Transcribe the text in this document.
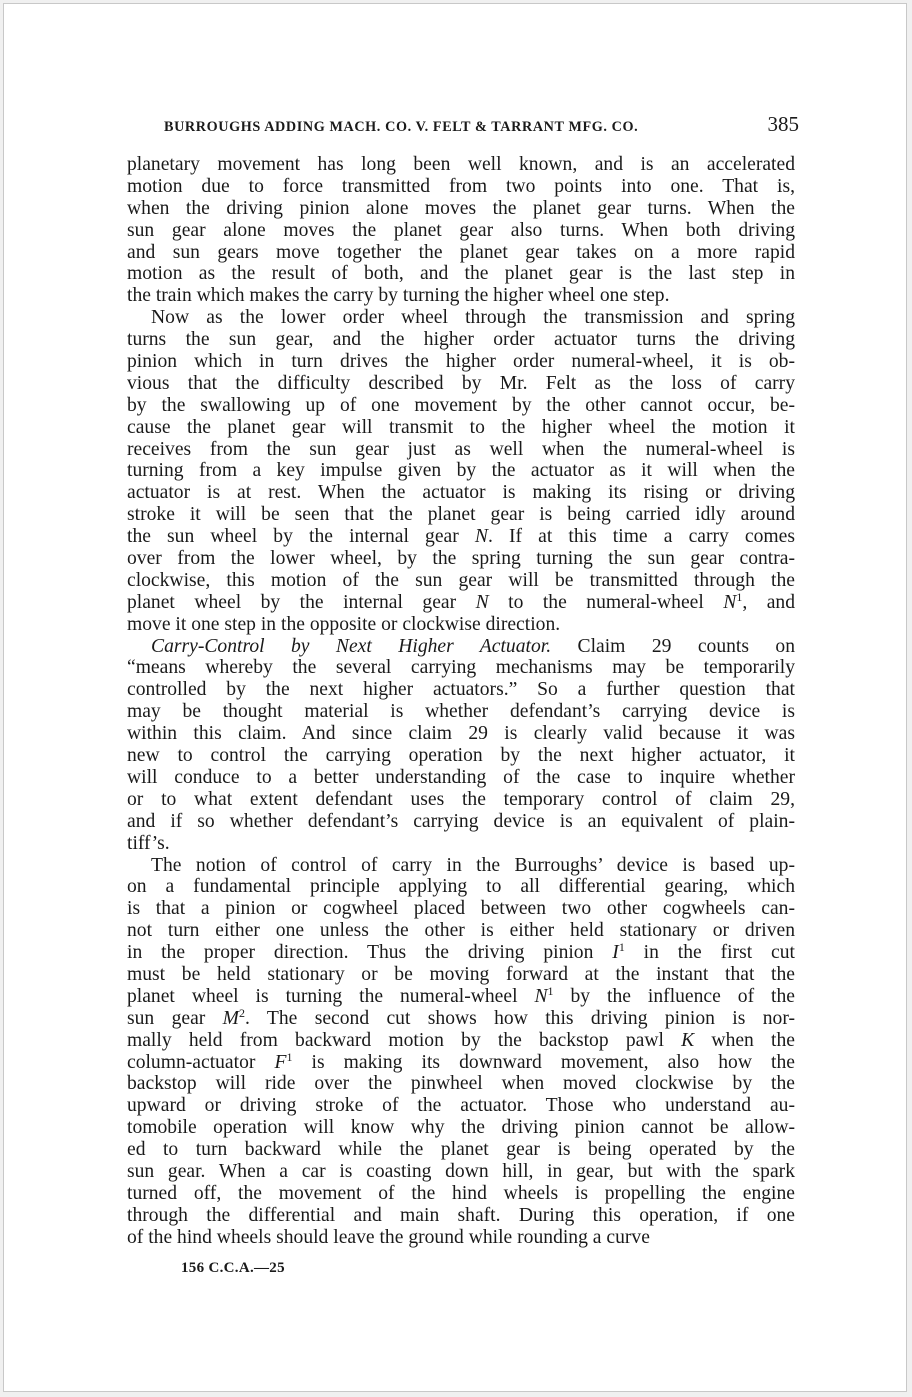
BURROUGHS ADDING MACH. CO. V. FELT & TARRANT MFG. CO.	385
planetary movement has long been well known, and is an accelerated
motion due to force transmitted from two points into one. That is,
when the driving pinion alone moves the planet gear turns. When the
sun gear alone moves the planet gear also turns. When both driving
and sun gears move together the planet gear takes on a more rapid
motion as the result of both, and the planet gear is the last step in
the train which makes the carry by turning the higher wheel one step.
Now as the lower order wheel through the transmission and spring
turns the sun gear, and the higher order actuator turns the driving
pinion which in turn drives the higher order numeral-wheel, it is ob-
vious that the difficulty described by Mr. Felt as the loss of carry
by the swallowing up of one movement by the other cannot occur, be-
cause the planet gear will transmit to the higher wheel the motion it
receives from the sun gear just as well when the numeral-wheel is
turning from a key impulse given by the actuator as it will when the
actuator is at rest. When the actuator is making its rising or driving
stroke it will be seen that the planet gear is being carried idly around
the sun wheel by the internal gear N. If at this time a carry comes
over from the lower wheel, by the spring turning the sun gear contra-
clockwise, this motion of the sun gear will be transmitted through the
planet wheel by the internal gear N to the numeral-wheel $N^1$, and
move it one step in the opposite or clockwise direction.
Carry-Control by Next Higher Actuator. Claim 29 counts on
“means whereby the several carrying mechanisms may be temporarily
controlled by the next higher actuators.” So a further question that
may be thought material is whether defendant’s carrying device is
within this claim. And since claim 29 is clearly valid because it was
new to control the carrying operation by the next higher actuator, it
will conduce to a better understanding of the case to inquire whether
or to what extent defendant uses the temporary control of claim 29,
and if so whether defendant’s carrying device is an equivalent of plain-
tiff’s.
The notion of control of carry in the Burroughs’ device is based up-
on a fundamental principle applying to all differential gearing, which
is that a pinion or cogwheel placed between two other cogwheels can-
not turn either one unless the other is either held stationary or driven
in the proper direction. Thus the driving pinion $I^1$ in the first cut
must be held stationary or be moving forward at the instant that the
planet wheel is turning the numeral-wheel $N^1$ by the influence of the
sun gear $M^2$. The second cut shows how this driving pinion is nor-
mally held from backward motion by the backstop pawl K when the
column-actuator $F^1$ is making its downward movement, also how the
backstop will ride over the pinwheel when moved clockwise by the
upward or driving stroke of the actuator. Those who understand au-
tomobile operation will know why the driving pinion cannot be allow-
ed to turn backward while the planet gear is being operated by the
sun gear. When a car is coasting down hill, in gear, but with the spark
turned off, the movement of the hind wheels is propelling the engine
through the differential and main shaft. During this operation, if one
of the hind wheels should leave the ground while rounding a curve
156 C.C.A.—25
